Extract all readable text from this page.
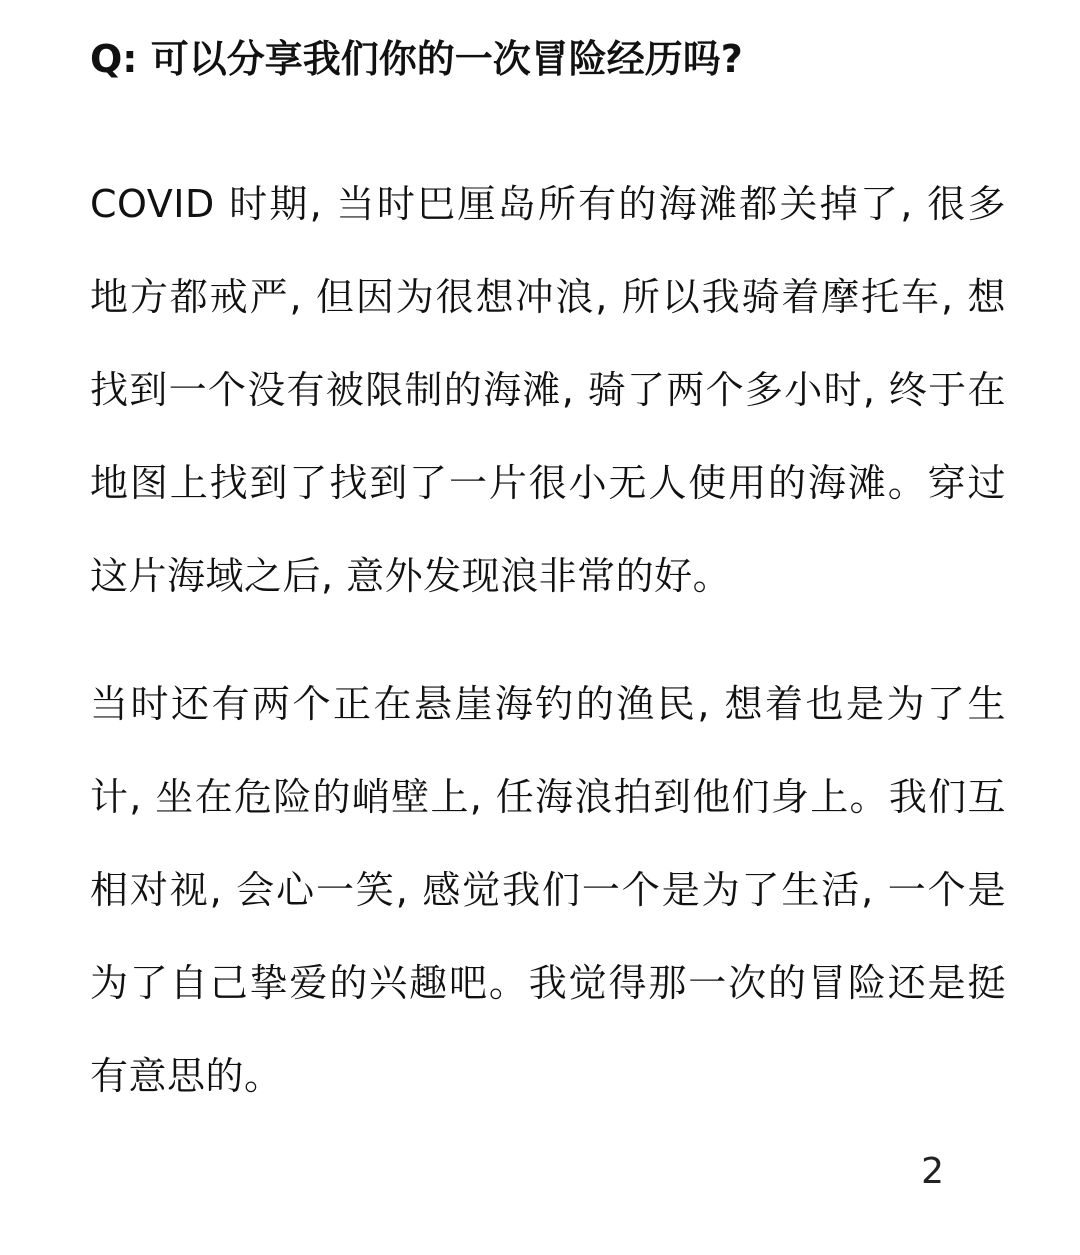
Q: 可以分享我们你的一次冒险经历吗?

COVID 时期, 当时巴厘岛所有的海滩都关掉了, 很多地方都戒严, 但因为很想冲浪, 所以我骑着摩托车, 想找到一个没有被限制的海滩, 骑了两个多小时, 终于在地图上找到了找到了一片很小无人使用的海滩。穿过这片海域之后, 意外发现浪非常的好。

当时还有两个正在悬崖海钓的渔民, 想着也是为了生计, 坐在危险的峭壁上, 任海浪拍到他们身上。我们互相对视, 会心一笑, 感觉我们一个是为了生活, 一个是为了自己挚爱的兴趣吧。我觉得那一次的冒险还是挺有意思的。

2
